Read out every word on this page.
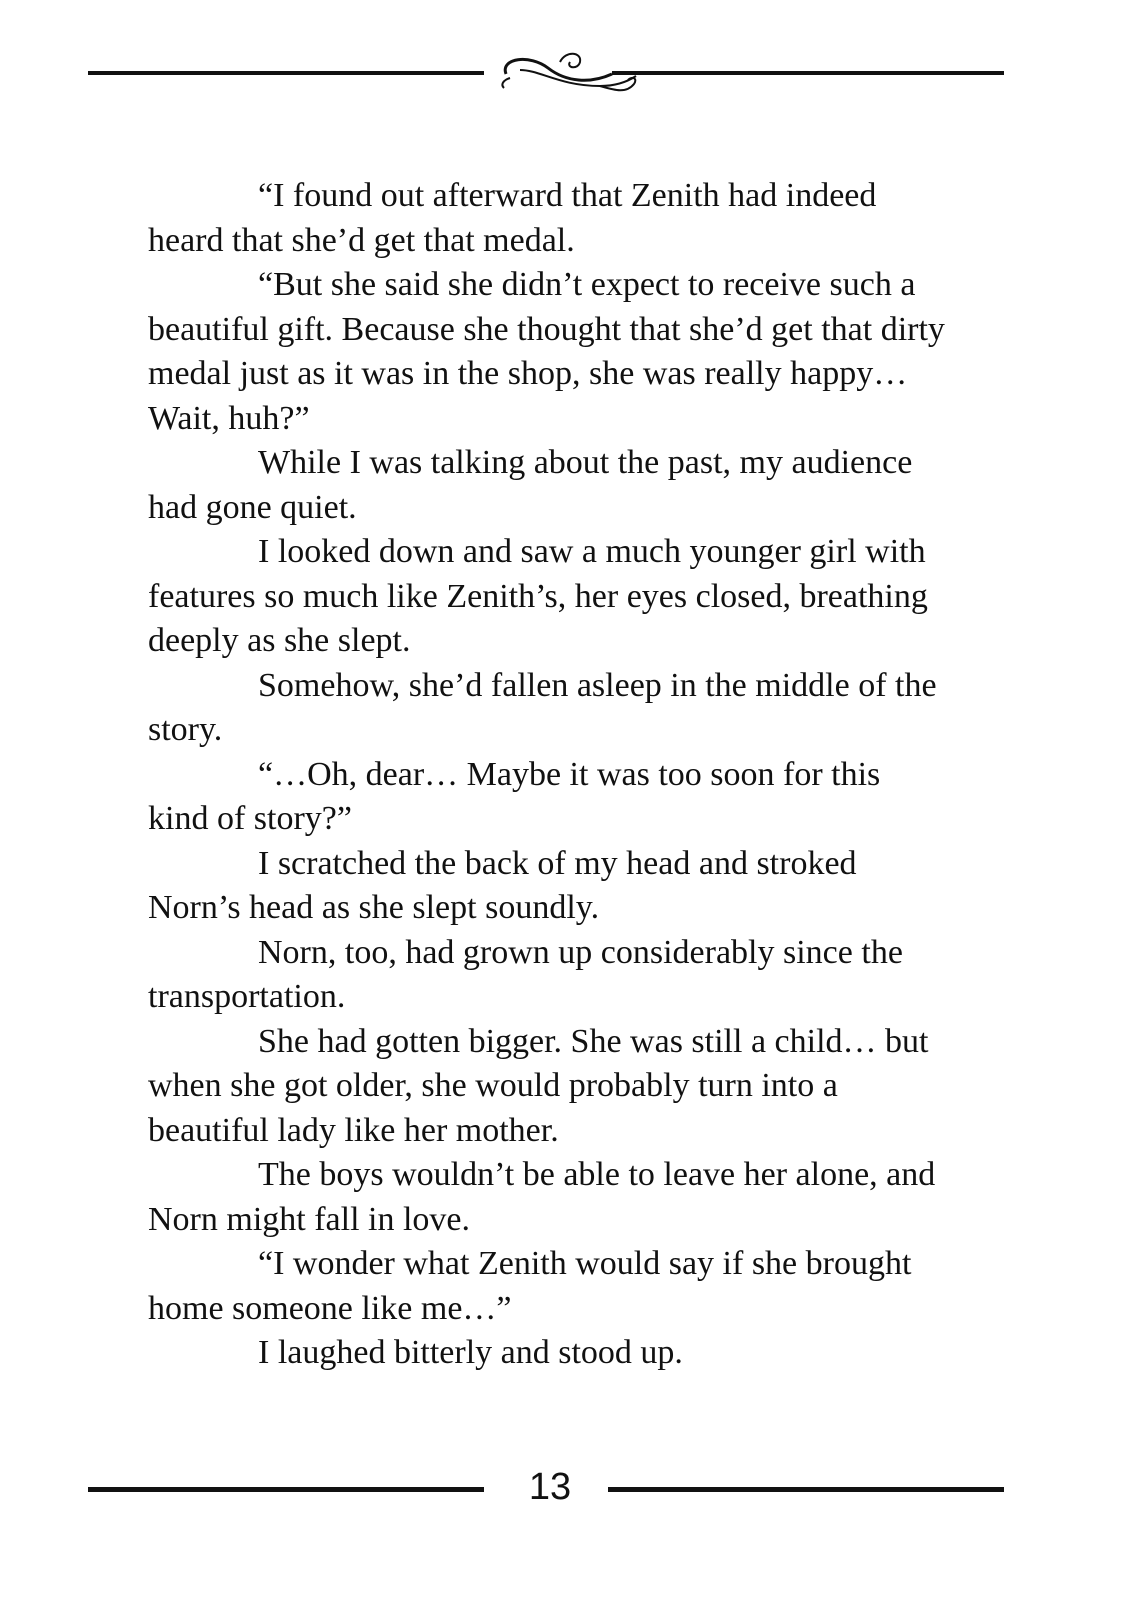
“I found out afterward that Zenith had indeed heard that she’d get that medal.

“But she said she didn’t expect to receive such a beautiful gift. Because she thought that she’d get that dirty medal just as it was in the shop, she was really happy… Wait, huh?”

While I was talking about the past, my audience had gone quiet.

I looked down and saw a much younger girl with features so much like Zenith’s, her eyes closed, breathing deeply as she slept.

Somehow, she’d fallen asleep in the middle of the story.

“…Oh, dear… Maybe it was too soon for this kind of story?”

I scratched the back of my head and stroked Norn’s head as she slept soundly.

Norn, too, had grown up considerably since the transportation.

She had gotten bigger. She was still a child… but when she got older, she would probably turn into a beautiful lady like her mother.

The boys wouldn’t be able to leave her alone, and Norn might fall in love.

“I wonder what Zenith would say if she brought home someone like me…”

I laughed bitterly and stood up.

13
